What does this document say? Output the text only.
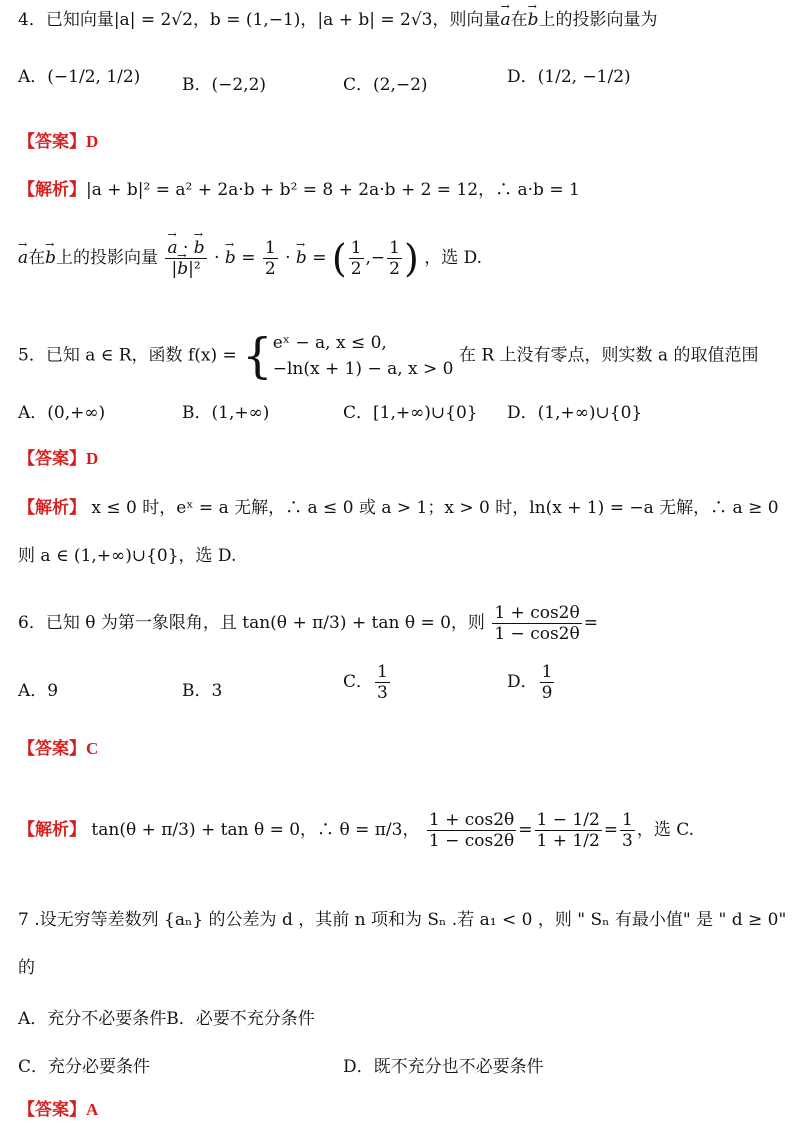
4．已知向量|a| = 2√2，b = (1,−1)，|a + b| = 2√3，则向量→ a在→ b上的投影向量为
A．(−1/2, 1/2) B．(−2,2)	C．(2,−2)	D．(1/2, −1/2)
【答案】D
【解析】|a + b|² = a² + 2a·b + b² = 8 + 2a·b + 2 = 12，∴ a·b = 1
→ a在→ b上的投影向量
→ $\frac{a \cdot \to b}{\text{|→ b|²}}$ · → $b = \frac{1}{2}$ · → b = ( $\frac{1}{2}$ ,− $\frac{1}{2}$ ) ，选 D.
5．已知 a ∈ R，函数 f(x) = { eˣ − a, x ≤ 0,
−ln(x + 1) − a, x > 0
在 R 上没有零点，则实数 a 的取值范围
A．(0,+∞)	B．(1,+∞)	C．[1,+∞)∪{0} D．(1,+∞)∪{0}
【答案】D
【解析】 x ≤ 0 时，eˣ = a 无解，∴ a ≤ 0 或 a > 1；x > 0 时，ln(x + 1) = −a 无解，∴ a ≥ 0
则 a ∈ (1,+∞)∪{0}，选 D.
6．已知 θ 为第一象限角，且 tan(θ + π/3) + tan θ = 0，则 $\frac{1 + \cos 2\theta}{1 - \cos 2\theta}$ =
A．9	B．3	C． $\frac{1}{3}$	D． $\frac{1}{9}$
【答案】C
【解析】 tan(θ + π/3) + tan θ = 0，∴ θ = π/3， $\frac{1 + \cos 2\theta}{1 - \cos 2\theta} = \frac{1 - 1/2}{1 + 1/2} = \frac{1}{3}$ ，选 C.
7 .设无穷等差数列 {aₙ} 的公差为 d ，其前 n 项和为 Sₙ .若 a₁ < 0 ，则 " Sₙ 有最小值" 是 " d ≥ 0"
的
A．充分不必要条件B．必要不充分条件
C．充分必要条件	D．既不充分也不必要条件
【答案】A
